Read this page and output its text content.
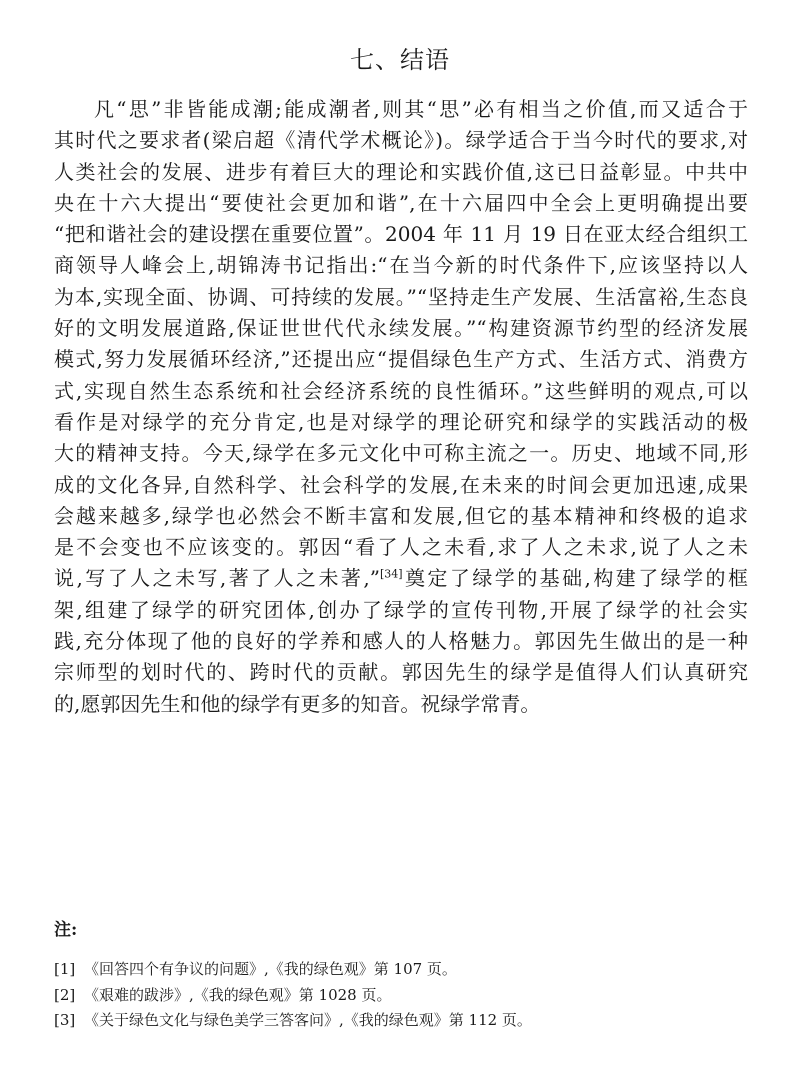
七、结语

凡“思”非皆能成潮;能成潮者,则其“思”必有相当之价值,而又适合于
其时代之要求者(梁启超《清代学术概论》)。绿学适合于当今时代的要求,对
人类社会的发展、进步有着巨大的理论和实践价值,这已日益彰显。中共中
央在十六大提出“要使社会更加和谐”,在十六届四中全会上更明确提出要
“把和谐社会的建设摆在重要位置”。2004 年 11 月 19 日在亚太经合组织工
商领导人峰会上,胡锦涛书记指出:“在当今新的时代条件下,应该坚持以人
为本,实现全面、协调、可持续的发展。”“坚持走生产发展、生活富裕,生态良
好的文明发展道路,保证世世代代永续发展。”“构建资源节约型的经济发展
模式,努力发展循环经济,”还提出应“提倡绿色生产方式、生活方式、消费方
式,实现自然生态系统和社会经济系统的良性循环。”这些鲜明的观点,可以
看作是对绿学的充分肯定,也是对绿学的理论研究和绿学的实践活动的极
大的精神支持。今天,绿学在多元文化中可称主流之一。历史、地域不同,形
成的文化各异,自然科学、社会科学的发展,在未来的时间会更加迅速,成果
会越来越多,绿学也必然会不断丰富和发展,但它的基本精神和终极的追求
是不会变也不应该变的。郭因“看了人之未看,求了人之未求,说了人之未
说,写了人之未写,著了人之未著,”[34]奠定了绿学的基础,构建了绿学的框
架,组建了绿学的研究团体,创办了绿学的宣传刊物,开展了绿学的社会实
践,充分体现了他的良好的学养和感人的人格魅力。郭因先生做出的是一种
宗师型的划时代的、跨时代的贡献。郭因先生的绿学是值得人们认真研究
的,愿郭因先生和他的绿学有更多的知音。祝绿学常青。

注:

[1] 《回答四个有争议的问题》,《我的绿色观》第 107 页。
[2] 《艰难的跋涉》,《我的绿色观》第 1028 页。
[3] 《关于绿色文化与绿色美学三答客问》,《我的绿色观》第 112 页。
